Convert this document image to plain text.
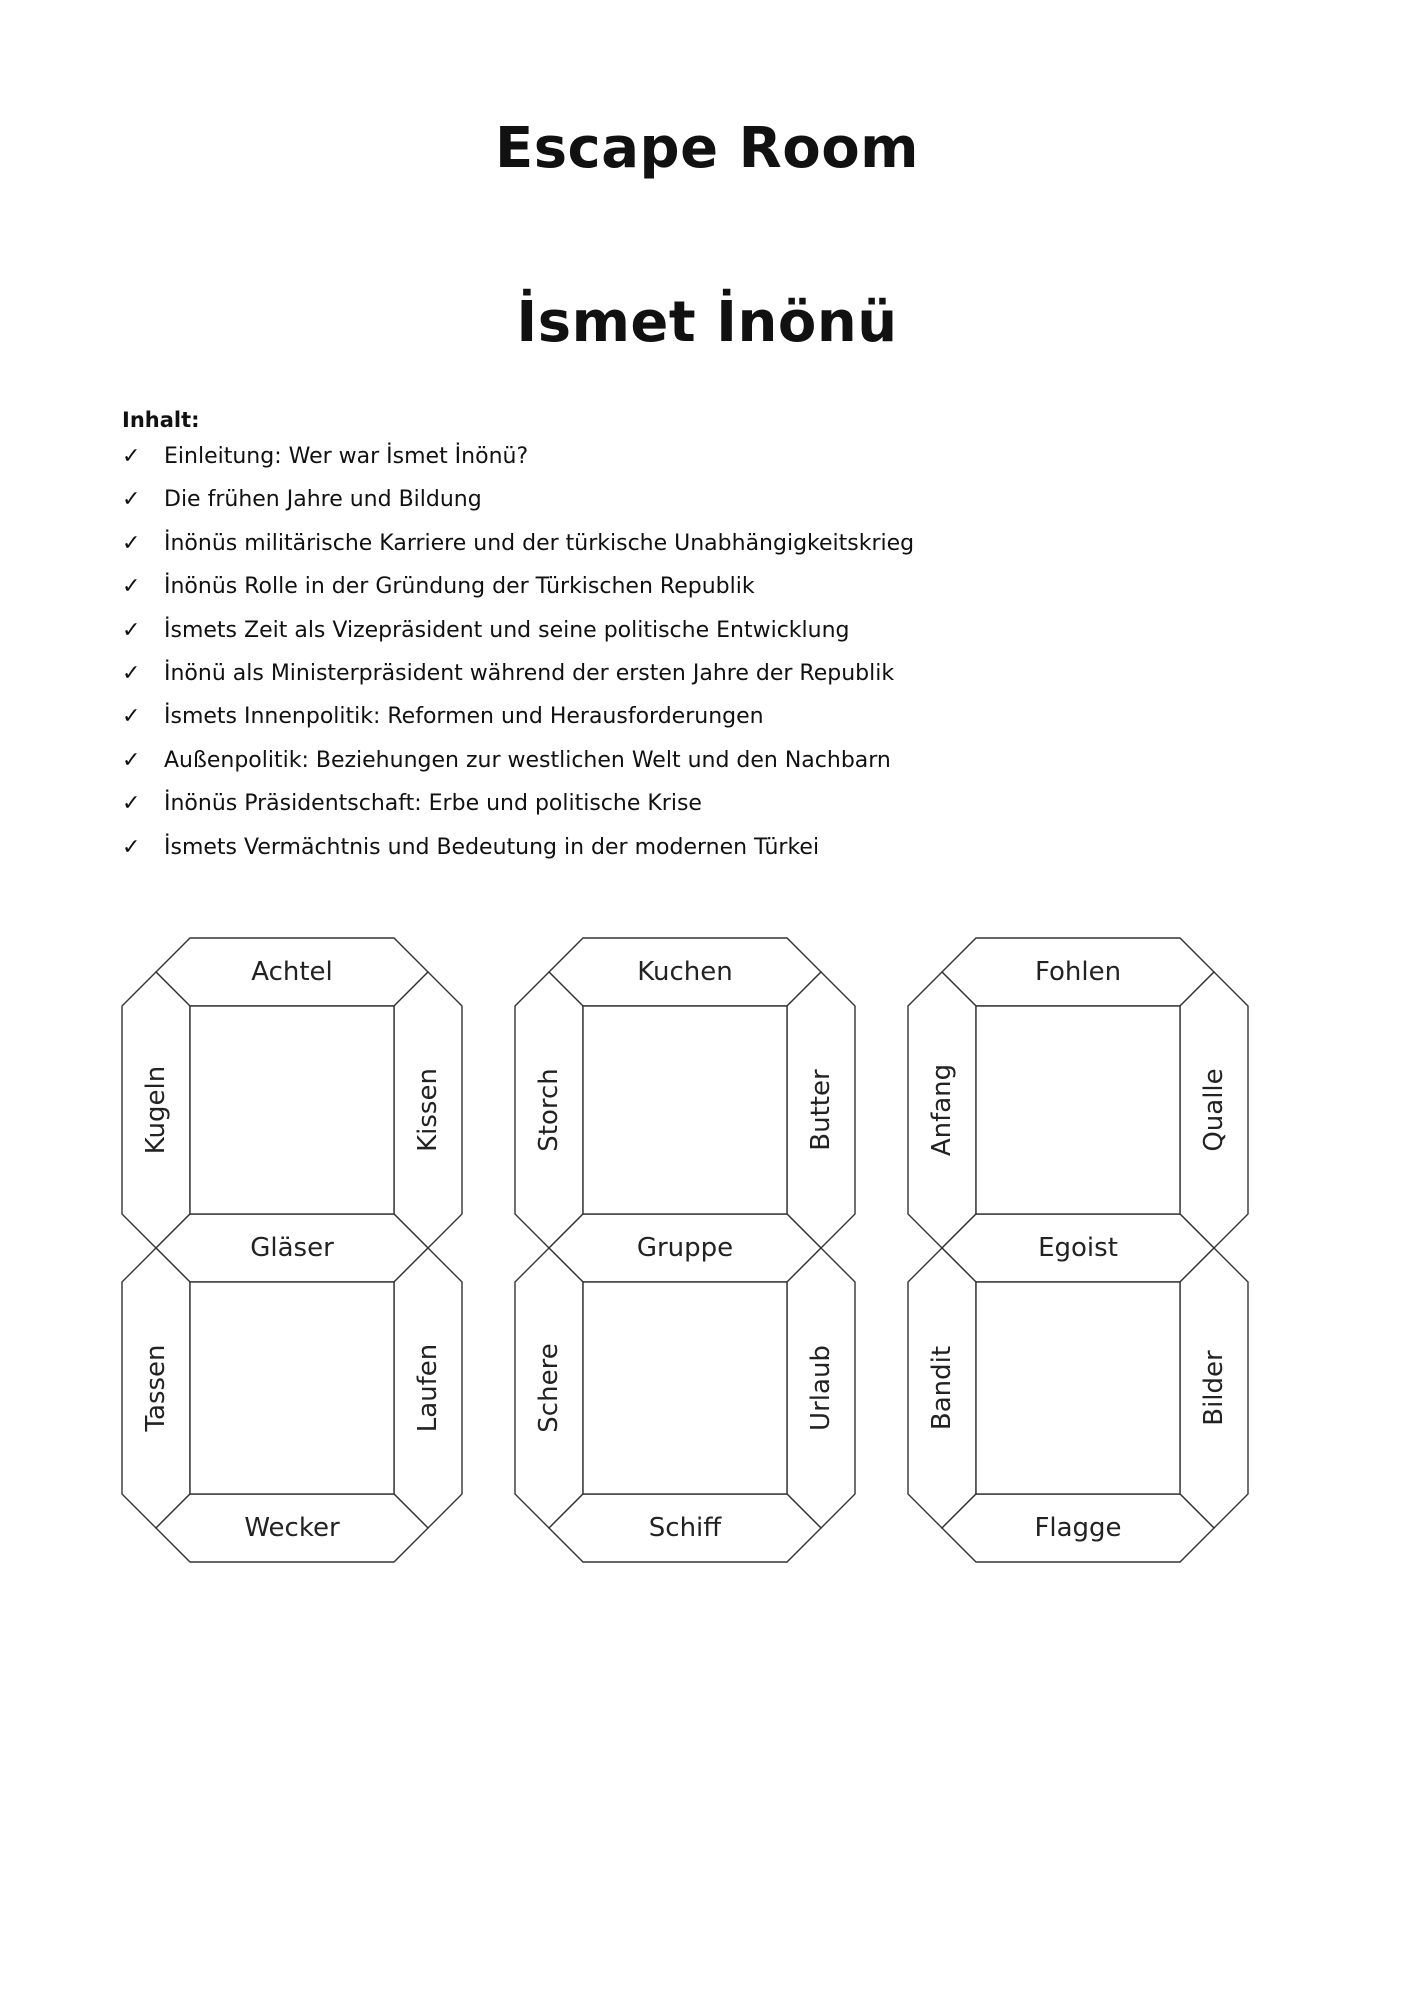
Escape Room
İsmet İnönü
Inhalt:
✓	Einleitung: Wer war İsmet İnönü?
✓	Die frühen Jahre und Bildung
✓	İnönüs militärische Karriere und der türkische Unabhängigkeitskrieg
✓	İnönüs Rolle in der Gründung der Türkischen Republik
✓	İsmets Zeit als Vizepräsident und seine politische Entwicklung
✓	İnönü als Ministerpräsident während der ersten Jahre der Republik
✓	İsmets Innenpolitik: Reformen und Herausforderungen
✓	Außenpolitik: Beziehungen zur westlichen Welt und den Nachbarn
✓	İnönüs Präsidentschaft: Erbe und politische Krise
✓	İsmets Vermächtnis und Bedeutung in der modernen Türkei
Achtel
Kugeln	Kissen
Gläser
Tassen	Laufen
Wecker
Kuchen
Storch	Butter
Gruppe
Schere	Urlaub
Schiff
Fohlen
Anfang	Qualle
Egoist
Bandit	Bilder
Flagge
